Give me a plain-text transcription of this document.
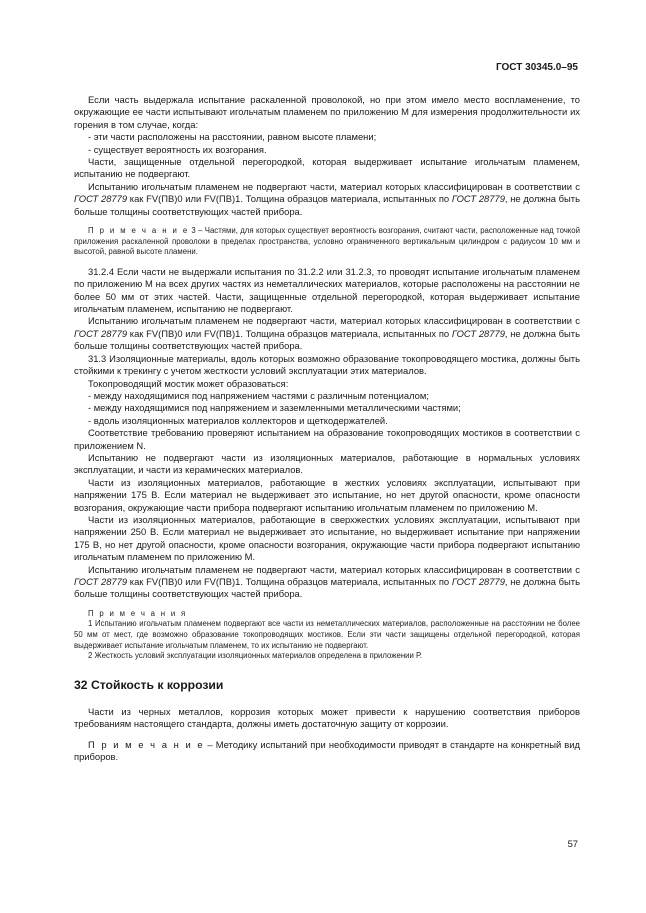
ГОСТ 30345.0–95

Если часть выдержала испытание раскаленной проволокой, но при этом имело место воспламенение, то окружающие ее части испытывают игольчатым пламенем по приложению М для измерения продолжительности их горения в том случае, когда:

- эти части расположены на расстоянии, равном высоте пламени;

- существует вероятность их возгорания.

Части, защищенные отдельной перегородкой, которая выдерживает испытание игольчатым пламенем, испытанию не подвергают.

Испытанию игольчатым пламенем не подвергают части, материал которых классифицирован в соответствии с ГОСТ 28779 как FV(ПВ)0 или FV(ПВ)1. Толщина образцов материала, испытанных по ГОСТ 28779, не должна быть больше толщины соответствующих частей прибора.

П р и м е ч а н и е 3 – Частями, для которых существует вероятность возгорания, считают части, расположенные над точкой приложения раскаленной проволоки в пределах пространства, условно ограниченного вертикальным цилиндром с радиусом 10 мм и высотой, равной высоте пламени.

31.2.4 Если части не выдержали испытания по 31.2.2 или 31.2.3, то проводят испытание игольчатым пламенем по приложению М на всех других частях из неметаллических материалов, которые расположены на расстоянии не более 50 мм от этих частей. Части, защищенные отдельной перегородкой, которая выдерживает испытание игольчатым пламенем, испытанию не подвергают.

Испытанию игольчатым пламенем не подвергают части, материал которых классифицирован в соответствии с ГОСТ 28779 как FV(ПВ)0 или FV(ПВ)1. Толщина образцов материала, испытанных по ГОСТ 28779, не должна быть больше толщины соответствующих частей прибора.

31.3 Изоляционные материалы, вдоль которых возможно образование токопроводящего мостика, должны быть стойкими к трекингу с учетом жесткости условий эксплуатации этих материалов.

Токопроводящий мостик может образоваться:

- между находящимися под напряжением частями с различным потенциалом;

- между находящимися под напряжением и заземленными металлическими частями;

- вдоль изоляционных материалов коллекторов и щеткодержателей.

Соответствие требованию проверяют испытанием на образование токопроводящих мостиков в соответствии с приложением N.

Испытанию не подвергают части из изоляционных материалов, работающие в нормальных условиях эксплуатации, и части из керамических материалов.

Части из изоляционных материалов, работающие в жестких условиях эксплуатации, испытывают при напряжении 175 В. Если материал не выдерживает это испытание, но нет другой опасности, кроме опасности возгорания, окружающие части прибора подвергают испытанию игольчатым пламенем по приложению М.

Части из изоляционных материалов, работающие в сверхжестких условиях эксплуатации, испытывают при напряжении 250 В. Если материал не выдерживает это испытание, но выдерживает испытание при напряжении 175 В, но нет другой опасности, кроме опасности возгорания, окружающие части прибора подвергают испытанию игольчатым пламенем по приложению М.

Испытанию игольчатым пламенем не подвергают части, материал которых классифицирован в соответствии с ГОСТ 28779 как FV(ПВ)0 или FV(ПВ)1. Толщина образцов материала, испытанных по ГОСТ 28779, не должна быть больше толщины соответствующих частей прибора.

П р и м е ч а н и я
1 Испытанию игольчатым пламенем подвергают все части из неметаллических материалов, расположенные на расстоянии не более 50 мм от мест, где возможно образование токопроводящих мостиков. Если эти части защищены отдельной перегородкой, которая выдерживает испытание игольчатым пламенем, то их испытанию не подвергают.
2 Жесткость условий эксплуатации изоляционных материалов определена в приложении Р.
32 Стойкость к коррозии

Части из черных металлов, коррозия которых может привести к нарушению соответствия приборов требованиям настоящего стандарта, должны иметь достаточную защиту от коррозии.

П р и м е ч а н и е – Методику испытаний при необходимости приводят в стандарте на конкретный вид приборов.

57
